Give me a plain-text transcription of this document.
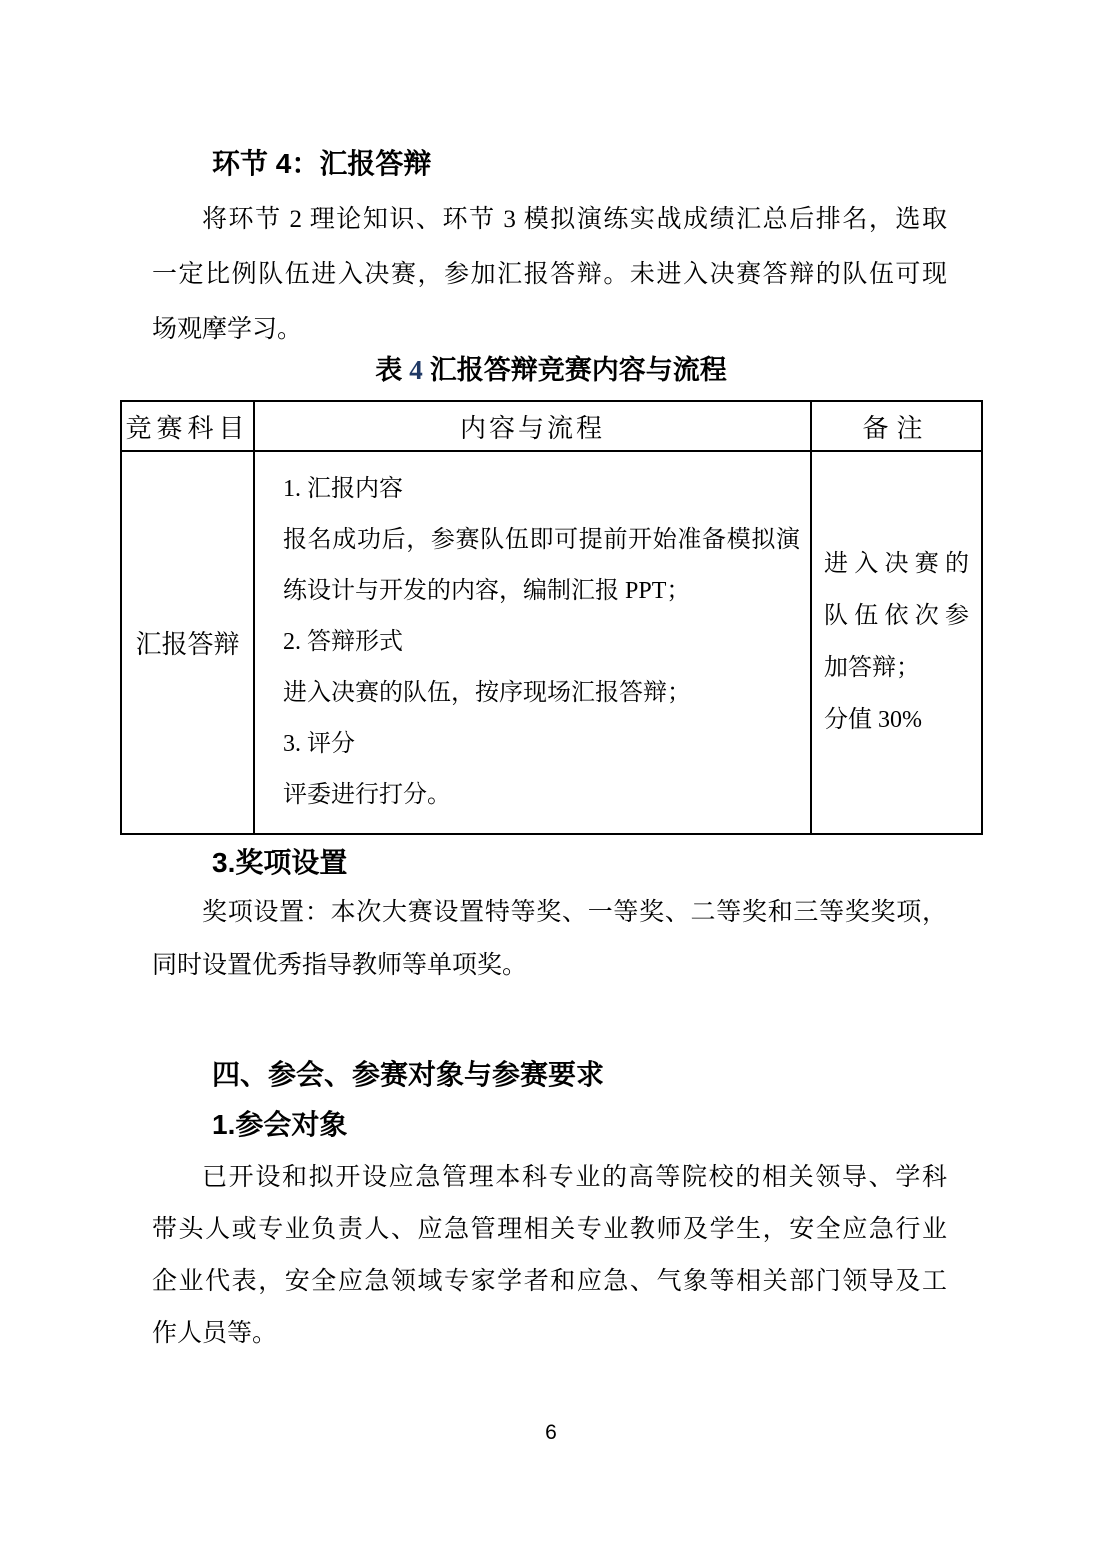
环节 4：汇报答辩
将环节 2 理论知识、环节 3 模拟演练实战成绩汇总后排名，选取
一定比例队伍进入决赛，参加汇报答辩。未进入决赛答辩的队伍可现
场观摩学习。
表 4 汇报答辩竞赛内容与流程
竞赛科目	内容与流程	备注
汇报答辩
1. 汇报内容
报名成功后，参赛队伍即可提前开始准备模拟演
练设计与开发的内容，编制汇报 PPT；
2. 答辩形式
进入决赛的队伍，按序现场汇报答辩；
3. 评分
评委进行打分。
进入决赛的
队伍依次参
加答辩；
分值 30%
3.奖项设置
奖项设置：本次大赛设置特等奖、一等奖、二等奖和三等奖奖项，
同时设置优秀指导教师等单项奖。
四、参会、参赛对象与参赛要求
1.参会对象
已开设和拟开设应急管理本科专业的高等院校的相关领导、学科
带头人或专业负责人、应急管理相关专业教师及学生，安全应急行业
企业代表，安全应急领域专家学者和应急、气象等相关部门领导及工
作人员等。
6
